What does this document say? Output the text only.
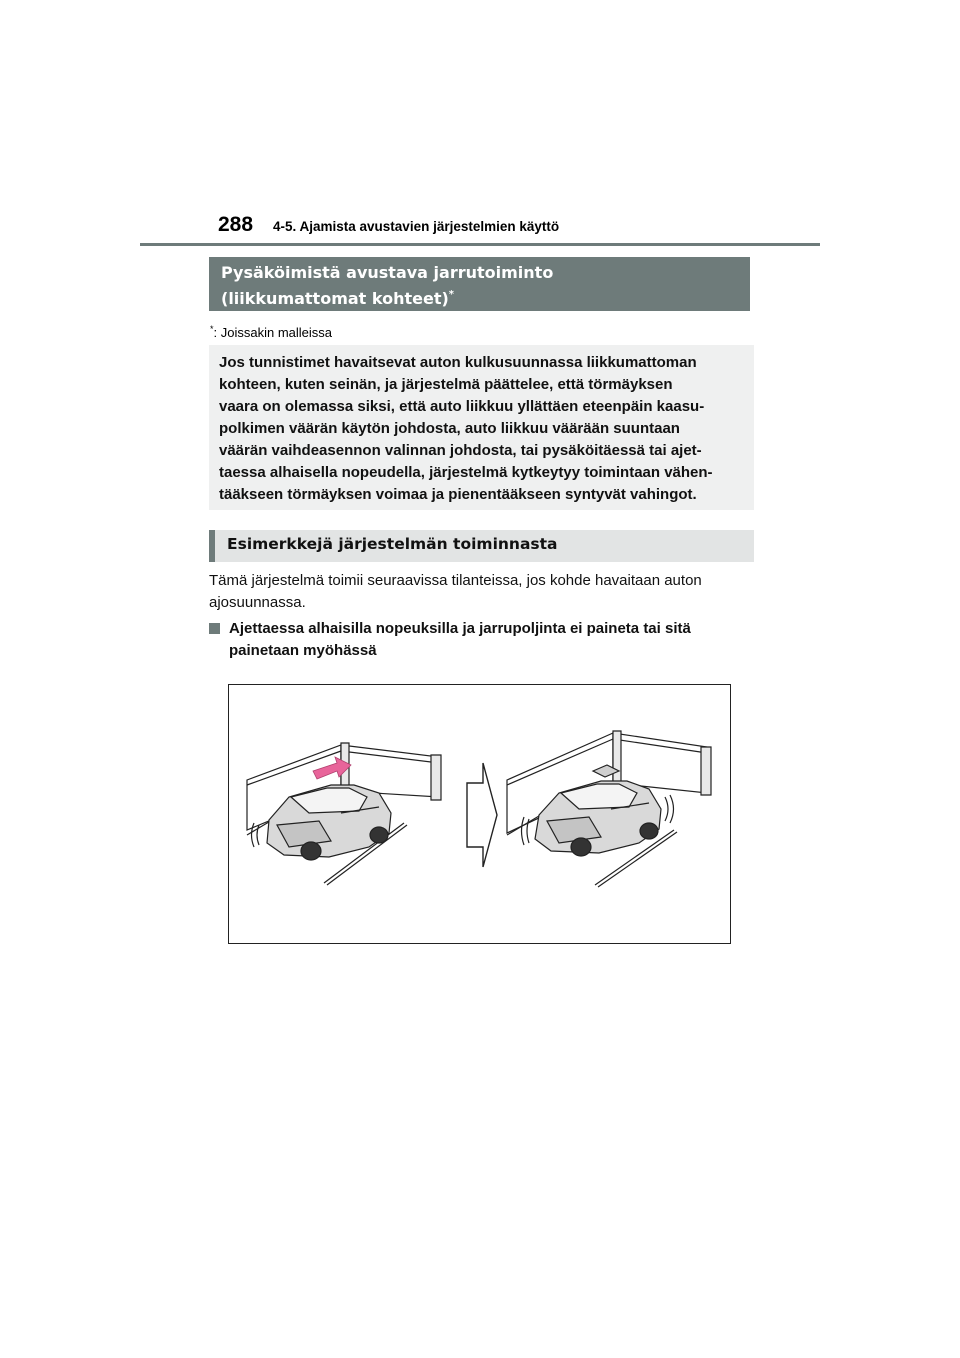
288 4-5. Ajamista avustavien järjestelmien käyttö
Pysäköimistä avustava jarrutoiminto
(liikkumattomat kohteet)*
*: Joissakin malleissa
Jos tunnistimet havaitsevat auton kulkusuunnassa liikkumattoman
kohteen, kuten seinän, ja järjestelmä päättelee, että törmäyksen
vaara on olemassa siksi, että auto liikkuu yllättäen eteenpäin kaasu-
polkimen väärän käytön johdosta, auto liikkuu väärään suuntaan
väärän vaihdeasennon valinnan johdosta, tai pysäköitäessä tai ajet-
taessa alhaisella nopeudella, järjestelmä kytkeytyy toimintaan vähen-
tääkseen törmäyksen voimaa ja pienentääkseen syntyvät vahingot.
Esimerkkejä järjestelmän toiminnasta
Tämä järjestelmä toimii seuraavissa tilanteissa, jos kohde havaitaan auton
ajosuunnassa.
Ajettaessa alhaisilla nopeuksilla ja jarrupoljinta ei paineta tai sitä
painetaan myöhässä
